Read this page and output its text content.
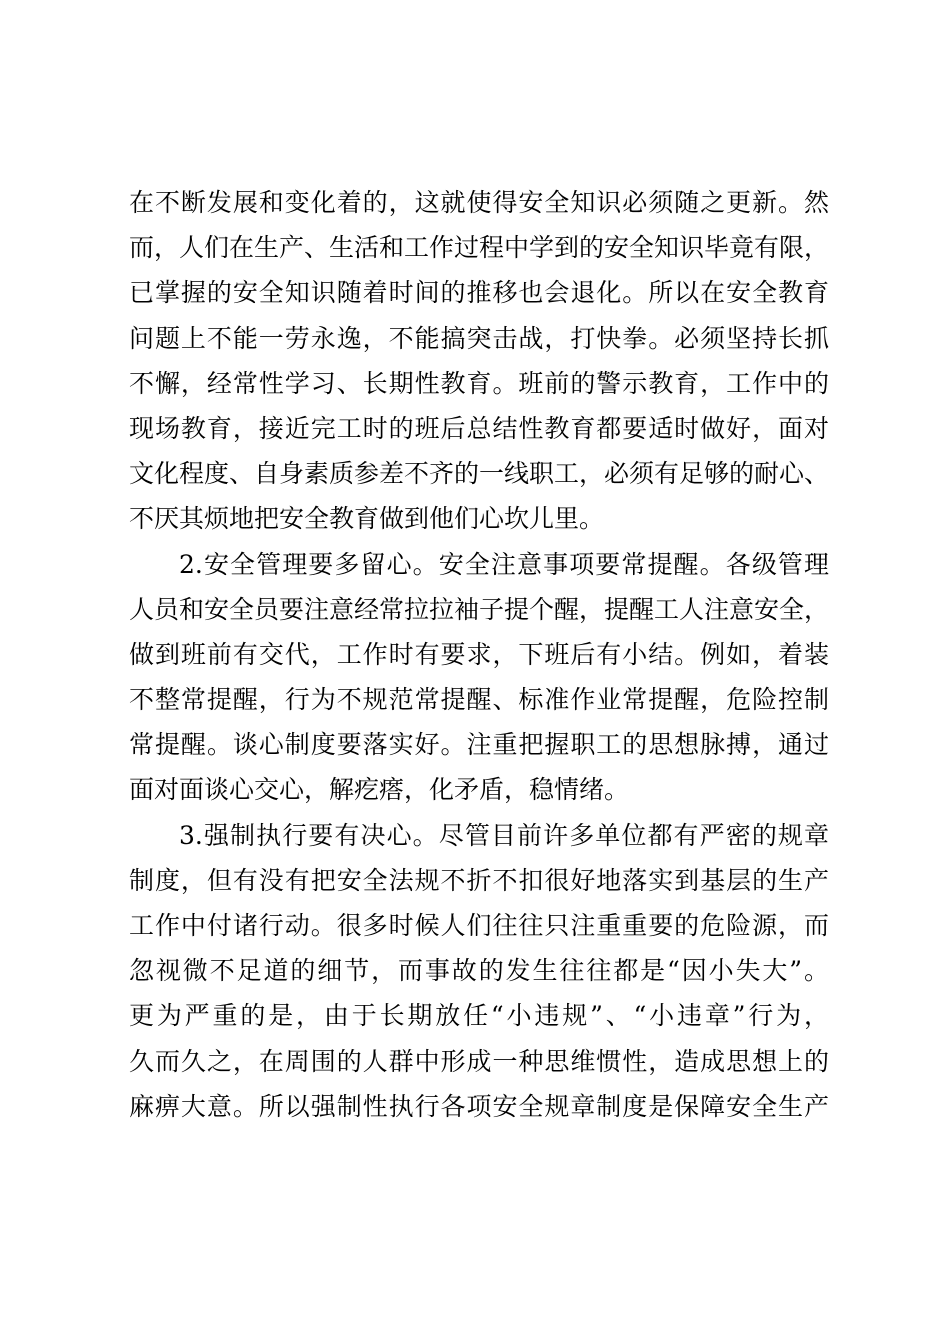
在不断发展和变化着的，这就使得安全知识必须随之更新。然
而，人们在生产、生活和工作过程中学到的安全知识毕竟有限，
已掌握的安全知识随着时间的推移也会退化。所以在安全教育
问题上不能一劳永逸，不能搞突击战，打快拳。必须坚持长抓
不懈，经常性学习、长期性教育。班前的警示教育，工作中的
现场教育，接近完工时的班后总结性教育都要适时做好，面对
文化程度、自身素质参差不齐的一线职工，必须有足够的耐心、
不厌其烦地把安全教育做到他们心坎儿里。
2.安全管理要多留心。安全注意事项要常提醒。各级管理
人员和安全员要注意经常拉拉袖子提个醒，提醒工人注意安全，
做到班前有交代，工作时有要求，下班后有小结。例如，着装
不整常提醒，行为不规范常提醒、标准作业常提醒，危险控制
常提醒。谈心制度要落实好。注重把握职工的思想脉搏，通过
面对面谈心交心，解疙瘩，化矛盾，稳情绪。
3.强制执行要有决心。尽管目前许多单位都有严密的规章
制度，但有没有把安全法规不折不扣很好地落实到基层的生产
工作中付诸行动。很多时候人们往往只注重重要的危险源，而
忽视微不足道的细节，而事故的发生往往都是“因小失大”。
更为严重的是，由于长期放任“小违规”、“小违章”行为，
久而久之，在周围的人群中形成一种思维惯性，造成思想上的
麻痹大意。所以强制性执行各项安全规章制度是保障安全生产
